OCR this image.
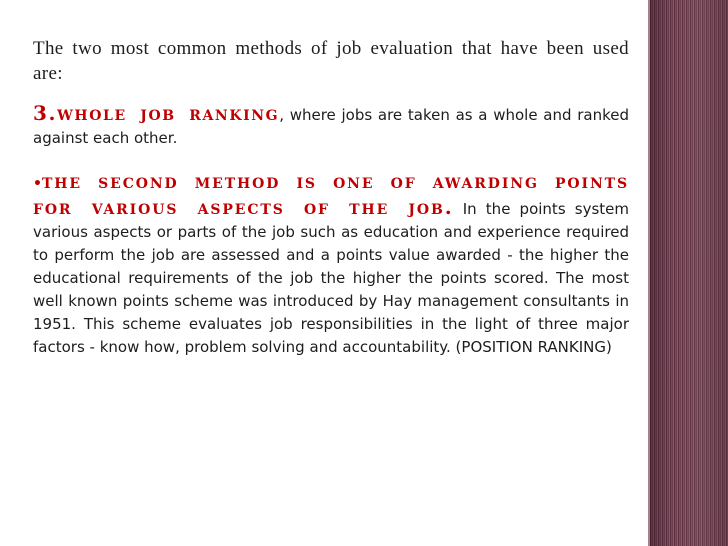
The two most common methods of job evaluation that have been used are:

3.whole job ranking, where jobs are taken as a whole and ranked against each other.

•the second method is one of awarding points for various aspects of the job. In the points system various aspects or parts of the job such as education and experience required to perform the job are assessed and a points value awarded - the higher the educational requirements of the job the higher the points scored. The most well known points scheme was introduced by Hay management consultants in 1951. This scheme evaluates job responsibilities in the light of three major factors - know how, problem solving and accountability. (POSITION RANKING)
